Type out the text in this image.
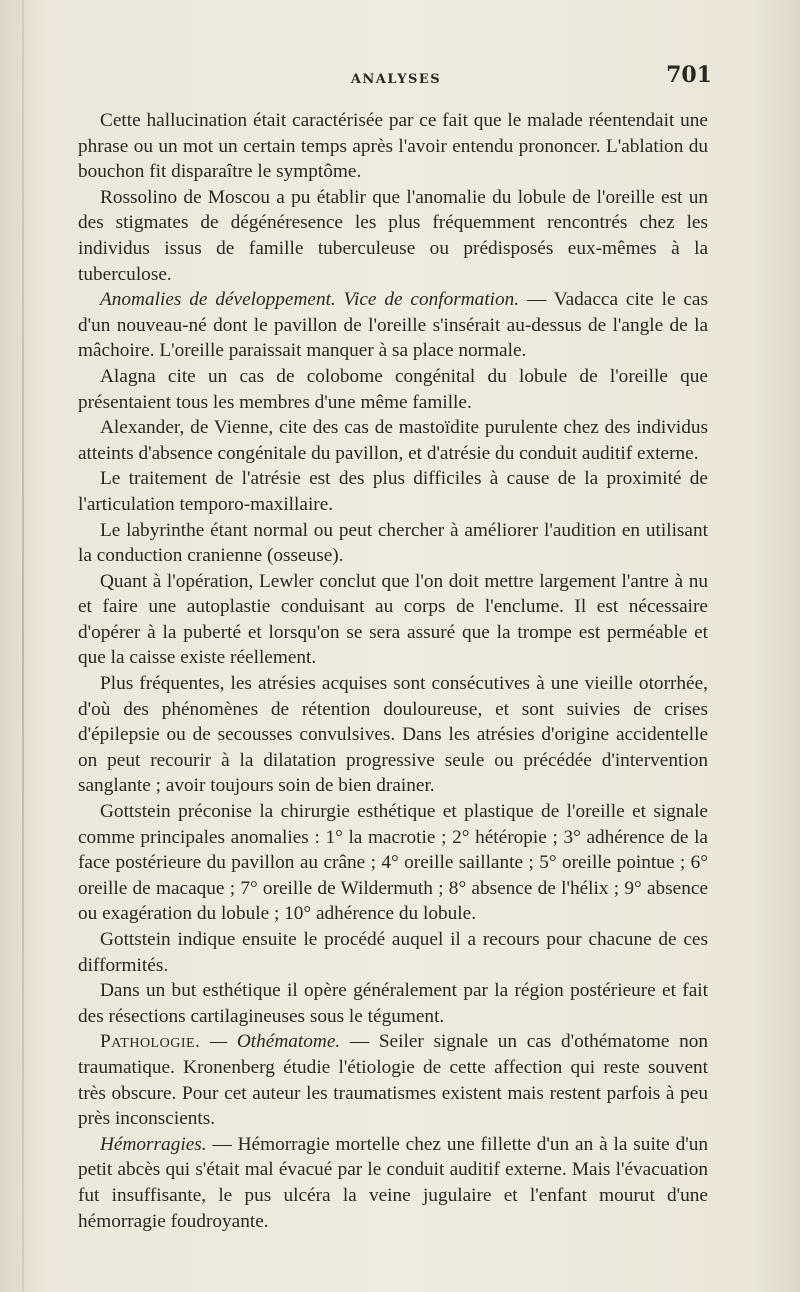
ANALYSES	701

Cette hallucination était caractérisée par ce fait que le malade réentendait une phrase ou un mot un certain temps après l'avoir entendu prononcer. L'ablation du bouchon fit disparaître le symptôme.

Rossolino de Moscou a pu établir que l'anomalie du lobule de l'oreille est un des stigmates de dégénéresence les plus fréquemment rencontrés chez les individus issus de famille tuberculeuse ou prédisposés eux-mêmes à la tuberculose.

Anomalies de développement. Vice de conformation. — Vadacca cite le cas d'un nouveau-né dont le pavillon de l'oreille s'insérait au-dessus de l'angle de la mâchoire. L'oreille paraissait manquer à sa place normale.

Alagna cite un cas de colobome congénital du lobule de l'oreille que présentaient tous les membres d'une même famille.

Alexander, de Vienne, cite des cas de mastoïdite purulente chez des individus atteints d'absence congénitale du pavillon, et d'atrésie du conduit auditif externe.

Le traitement de l'atrésie est des plus difficiles à cause de la proximité de l'articulation temporo-maxillaire.

Le labyrinthe étant normal ou peut chercher à améliorer l'audition en utilisant la conduction cranienne (osseuse).

Quant à l'opération, Lewler conclut que l'on doit mettre largement l'antre à nu et faire une autoplastie conduisant au corps de l'enclume. Il est nécessaire d'opérer à la puberté et lorsqu'on se sera assuré que la trompe est perméable et que la caisse existe réellement.

Plus fréquentes, les atrésies acquises sont consécutives à une vieille otorrhée, d'où des phénomènes de rétention douloureuse, et sont suivies de crises d'épilepsie ou de secousses convulsives. Dans les atrésies d'origine accidentelle on peut recourir à la dilatation progressive seule ou précédée d'intervention sanglante ; avoir toujours soin de bien drainer.

Gottstein préconise la chirurgie esthétique et plastique de l'oreille et signale comme principales anomalies : 1° la macrotie ; 2° hétéropie ; 3° adhérence de la face postérieure du pavillon au crâne ; 4° oreille saillante ; 5° oreille pointue ; 6° oreille de macaque ; 7° oreille de Wildermuth ; 8° absence de l'hélix ; 9° absence ou exagération du lobule ; 10° adhérence du lobule.

Gottstein indique ensuite le procédé auquel il a recours pour chacune de ces difformités.

Dans un but esthétique il opère généralement par la région postérieure et fait des résections cartilagineuses sous le tégument.

Pathologie. — Othématome. — Seiler signale un cas d'othématome non traumatique. Kronenberg étudie l'étiologie de cette affection qui reste souvent très obscure. Pour cet auteur les traumatismes existent mais restent parfois à peu près inconscients.

Hémorragies. — Hémorragie mortelle chez une fillette d'un an à la suite d'un petit abcès qui s'était mal évacué par le conduit auditif externe. Mais l'évacuation fut insuffisante, le pus ulcéra la veine jugulaire et l'enfant mourut d'une hémorragie foudroyante.
